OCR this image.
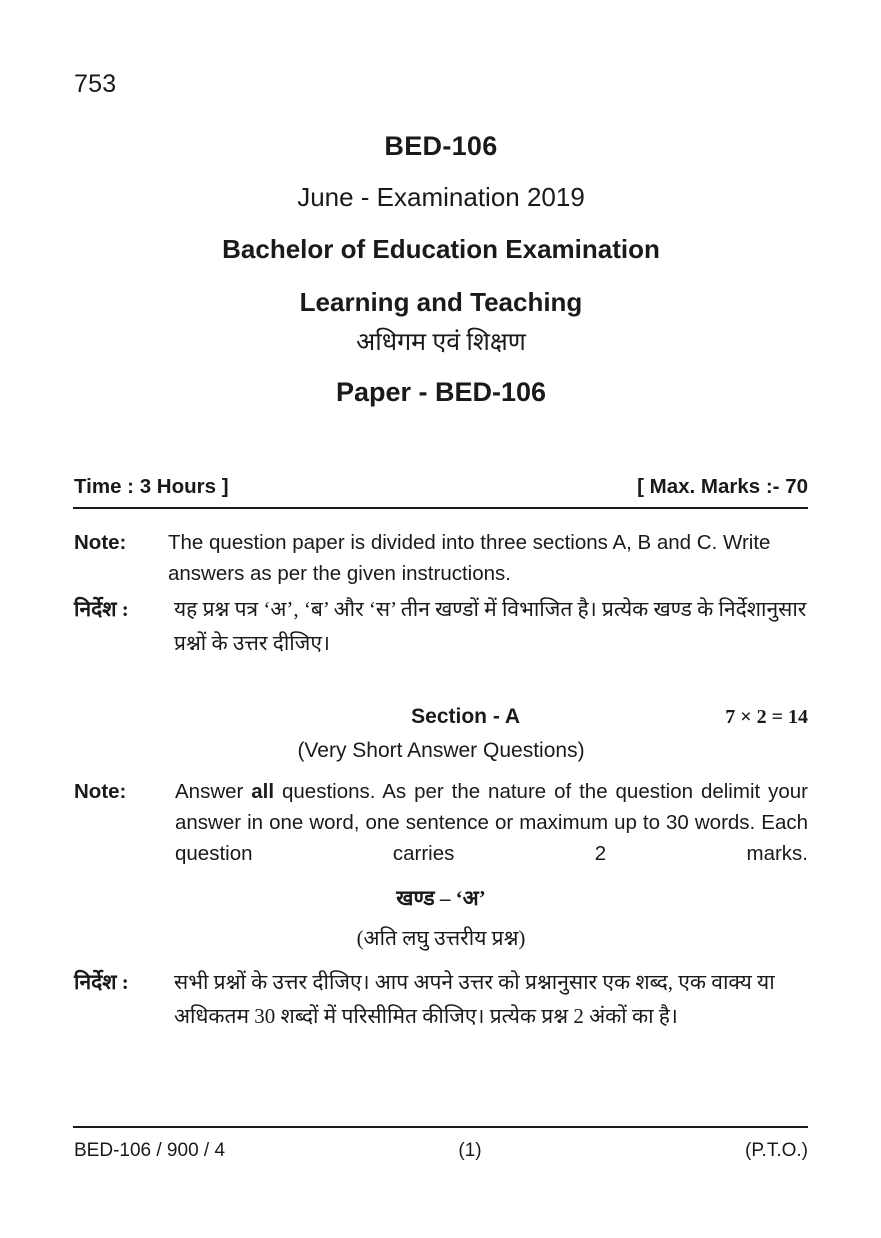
753
BED-106
June - Examination 2019
Bachelor of Education Examination
Learning and Teaching
अधिगम एवं शिक्षण
Paper - BED-106
Time : 3 Hours ]	[ Max. Marks :- 70
Note:	The question paper is divided into three sections A, B and C. Write answers as per the given instructions.
निर्देश :	यह प्रश्न पत्र ‘अ’, ‘ब’ और ‘स’ तीन खण्डों में विभाजित है। प्रत्येक खण्ड के निर्देशानुसार प्रश्नों के उत्तर दीजिए।
Section - A	7 × 2 = 14
(Very Short Answer Questions)
Note:	Answer all questions. As per the nature of the question delimit your answer in one word, one sentence or maximum up to 30 words. Each question carries 2 marks.
खण्ड – ‘अ’
(अति लघु उत्तरीय प्रश्न)
निर्देश :	सभी प्रश्नों के उत्तर दीजिए। आप अपने उत्तर को प्रश्नानुसार एक शब्द, एक वाक्य या अधिकतम 30 शब्दों में परिसीमित कीजिए। प्रत्येक प्रश्न 2 अंकों का है।
BED-106 / 900 / 4	(1)	(P.T.O.)
